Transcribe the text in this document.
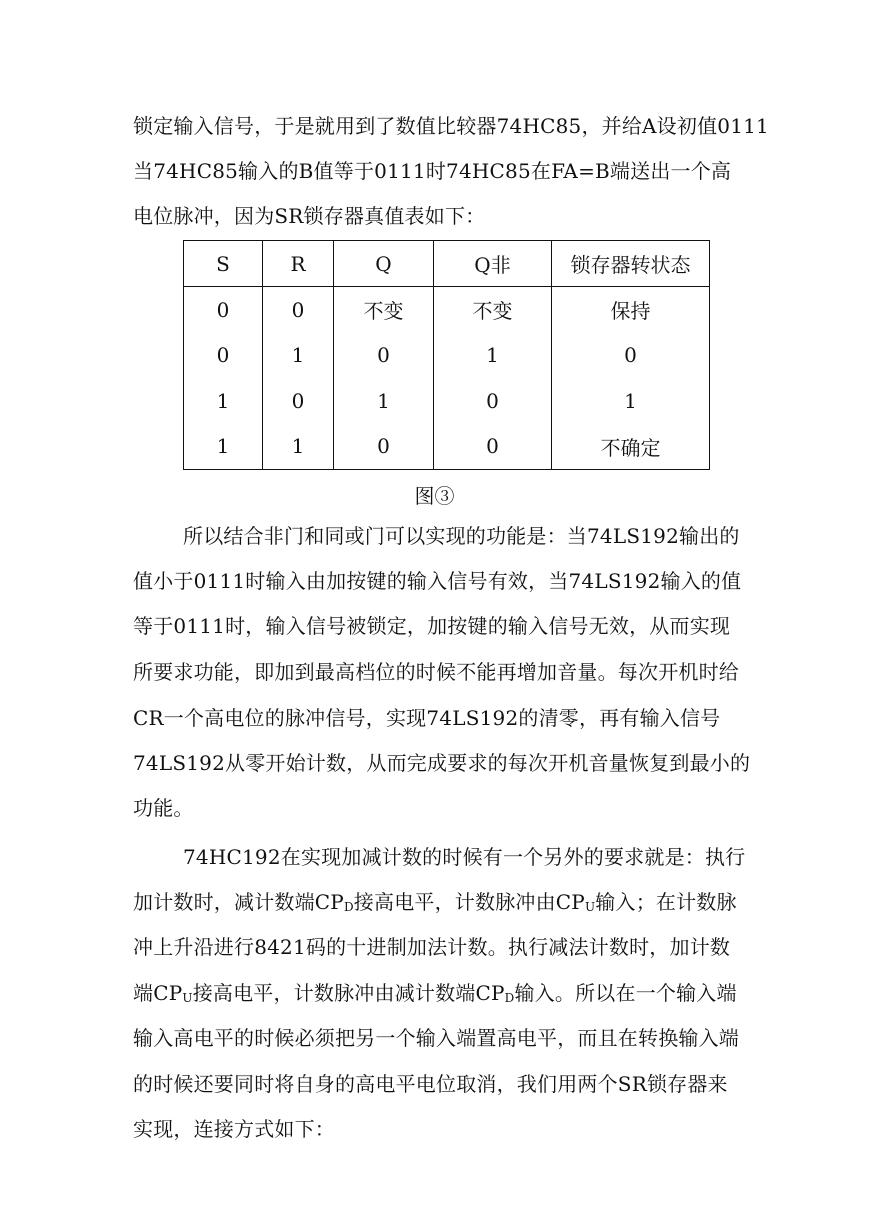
锁定输入信号，于是就用到了数值比较器74HC85，并给A设初值0111
当74HC85输入的B值等于0111时74HC85在FA=B端送出一个高
电位脉冲，因为SR锁存器真值表如下：
S	R	Q	Q非	锁存器转状态
0	0	不变	不变	保持
0	1	0	1	0
1	0	1	0	1
1	1	0	0	不确定
图③
所以结合非门和同或门可以实现的功能是：当74LS192输出的
值小于0111时输入由加按键的输入信号有效，当74LS192输入的值
等于0111时，输入信号被锁定，加按键的输入信号无效，从而实现
所要求功能，即加到最高档位的时候不能再增加音量。每次开机时给
CR一个高电位的脉冲信号，实现74LS192的清零，再有输入信号
74LS192从零开始计数，从而完成要求的每次开机音量恢复到最小的
功能。
74HC192在实现加减计数的时候有一个另外的要求就是：执行
加计数时，减计数端CPD接高电平，计数脉冲由CPU输入；在计数脉
冲上升沿进行8421码的十进制加法计数。执行减法计数时，加计数
端CPU接高电平，计数脉冲由减计数端CPD输入。所以在一个输入端
输入高电平的时候必须把另一个输入端置高电平，而且在转换输入端
的时候还要同时将自身的高电平电位取消，我们用两个SR锁存器来
实现，连接方式如下：
